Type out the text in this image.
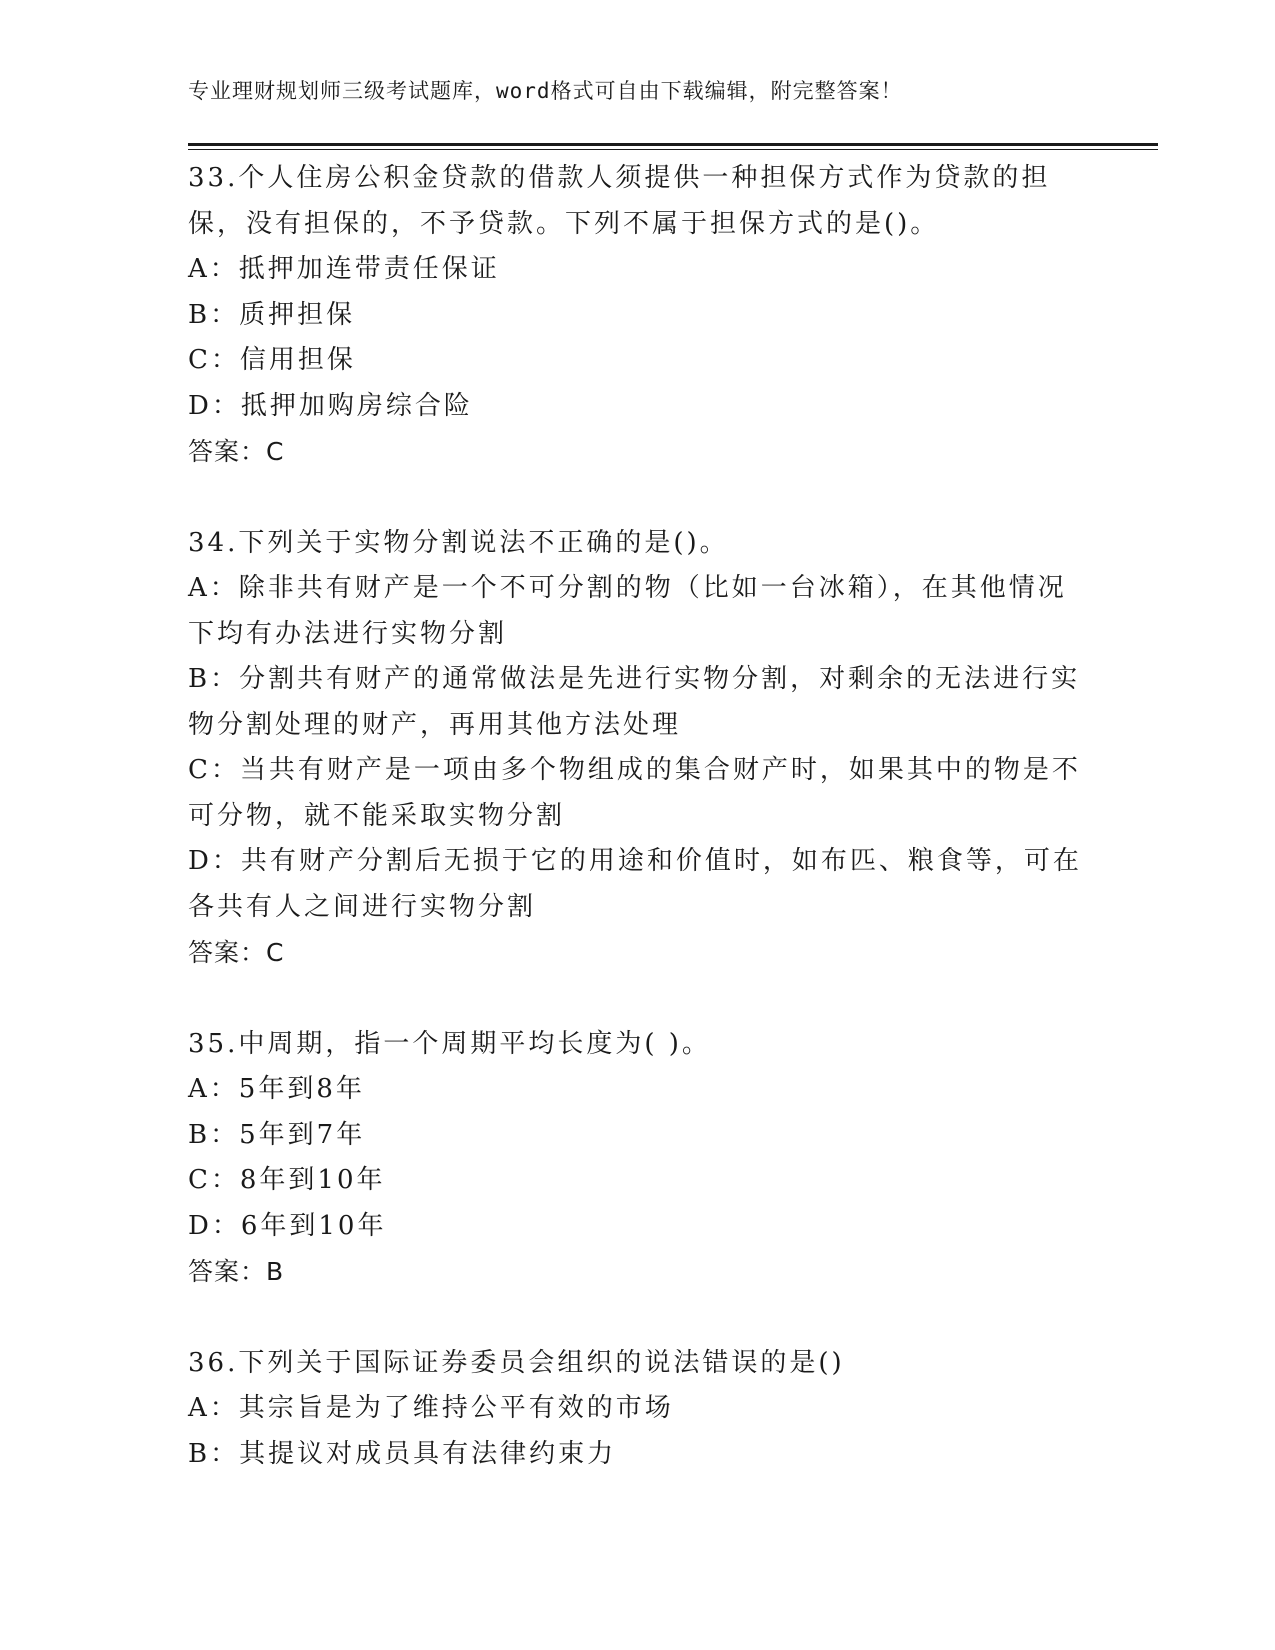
专业理财规划师三级考试题库，word格式可自由下载编辑，附完整答案！
33.个人住房公积金贷款的借款人须提供一种担保方式作为贷款的担保，没有担保的，不予贷款。下列不属于担保方式的是()。
A：抵押加连带责任保证
B：质押担保
C：信用担保
D：抵押加购房综合险
答案：C
34.下列关于实物分割说法不正确的是()。
A：除非共有财产是一个不可分割的物（比如一台冰箱），在其他情况下均有办法进行实物分割
B：分割共有财产的通常做法是先进行实物分割，对剩余的无法进行实物分割处理的财产，再用其他方法处理
C：当共有财产是一项由多个物组成的集合财产时，如果其中的物是不可分物，就不能采取实物分割
D：共有财产分割后无损于它的用途和价值时，如布匹、粮食等，可在各共有人之间进行实物分割
答案：C
35.中周期，指一个周期平均长度为( )。
A：5年到8年
B：5年到7年
C：8年到10年
D：6年到10年
答案：B
36.下列关于国际证券委员会组织的说法错误的是()
A：其宗旨是为了维持公平有效的市场
B：其提议对成员具有法律约束力
